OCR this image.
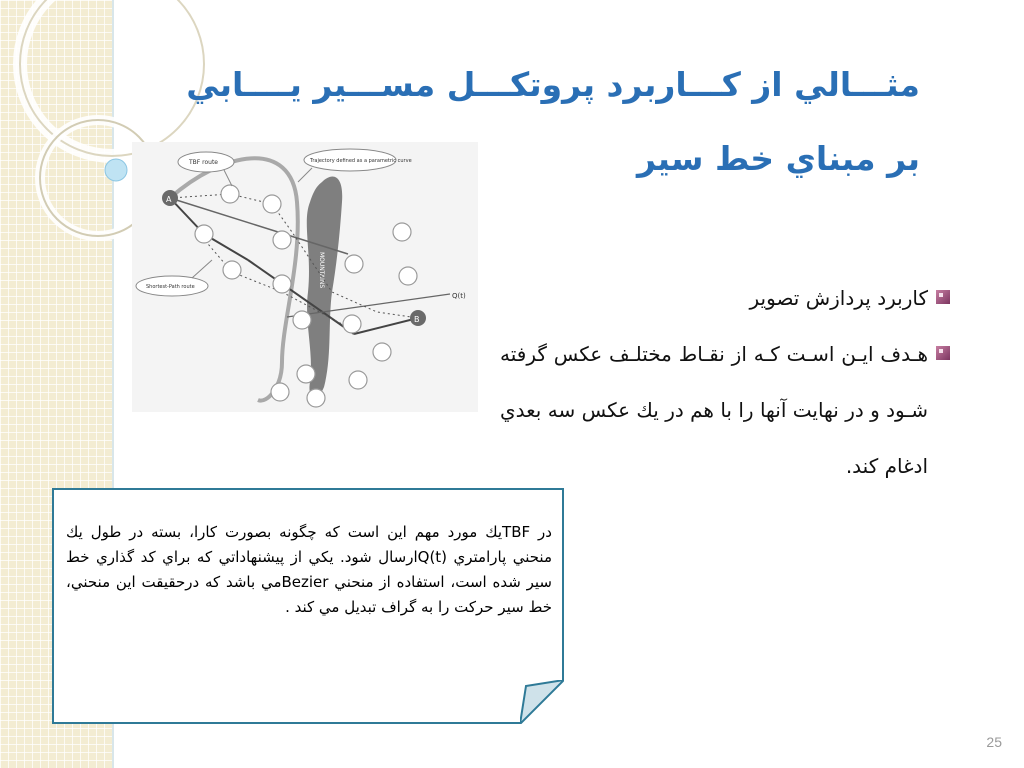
مثـــالي از كـــاربرد پروتكـــل مســـير يــــابي
بر مبناي خط سير
MOUNTAINS
A
B
Q(t)
TBF route	Trajectory defined as a parametric curve
Shortest-Path route	كاربرد پردازش تصوير
هـدف ايـن اسـت كـه از نقـاط مختلـف عكس گرفته شـود و در نهايت آنها را با هم در يك عكس سه بعدي ادغام كند.

در TBFيك مورد مهم اين است كه چگونه بصورت كارا، بسته در طول يك منحني پارامتري Q(t)ارسال شود. يكي از پيشنهاداتي كه براي كد گذاري خط سير شده است، استفاده از منحني Bezierمي باشد كه درحقيقت اين منحني، خط سير حركت را به گراف تبديل مي كند .

25
